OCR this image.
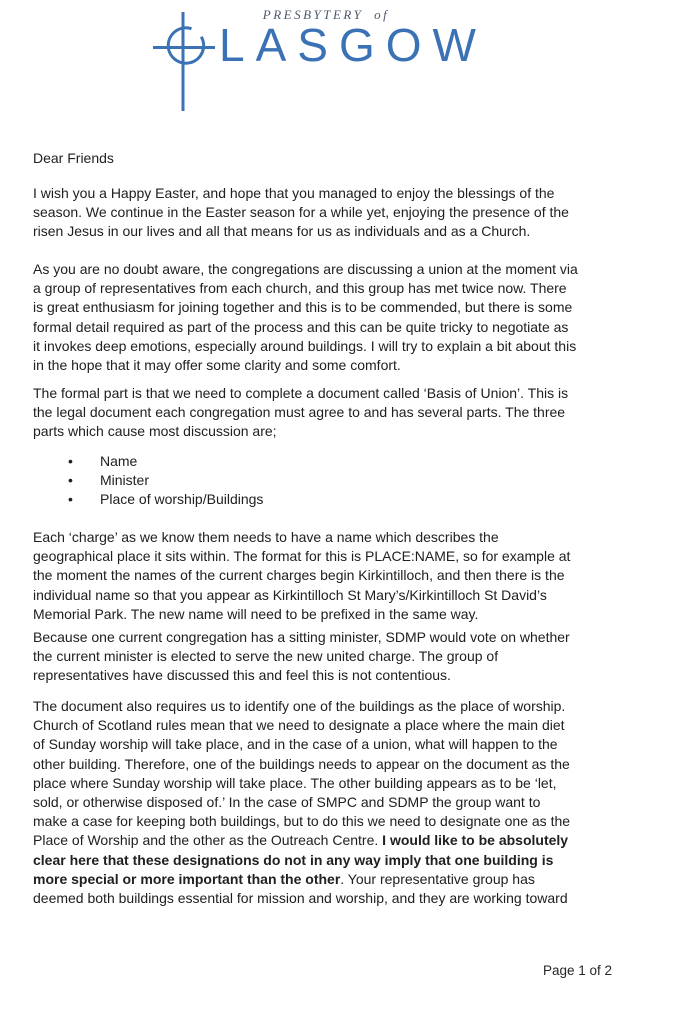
PRESBYTERY of
LASGOW
Dear Friends
I wish you a Happy Easter, and hope that you managed to enjoy the blessings of the
season. We continue in the Easter season for a while yet, enjoying the presence of the
risen Jesus in our lives and all that means for us as individuals and as a Church.
As you are no doubt aware, the congregations are discussing a union at the moment via
a group of representatives from each church, and this group has met twice now. There
is great enthusiasm for joining together and this is to be commended, but there is some
formal detail required as part of the process and this can be quite tricky to negotiate as
it invokes deep emotions, especially around buildings. I will try to explain a bit about this
in the hope that it may offer some clarity and some comfort.
The formal part is that we need to complete a document called ‘Basis of Union’. This is
the legal document each congregation must agree to and has several parts. The three
parts which cause most discussion are;
•	Name
•	Minister
•	Place of worship/Buildings
Each ‘charge’ as we know them needs to have a name which describes the
geographical place it sits within. The format for this is PLACE:NAME, so for example at
the moment the names of the current charges begin Kirkintilloch, and then there is the
individual name so that you appear as Kirkintilloch St Mary’s/Kirkintilloch St David’s
Memorial Park. The new name will need to be prefixed in the same way.
Because one current congregation has a sitting minister, SDMP would vote on whether
the current minister is elected to serve the new united charge. The group of
representatives have discussed this and feel this is not contentious.
The document also requires us to identify one of the buildings as the place of worship.
Church of Scotland rules mean that we need to designate a place where the main diet
of Sunday worship will take place, and in the case of a union, what will happen to the
other building. Therefore, one of the buildings needs to appear on the document as the
place where Sunday worship will take place. The other building appears as to be ‘let,
sold, or otherwise disposed of.’ In the case of SMPC and SDMP the group want to
make a case for keeping both buildings, but to do this we need to designate one as the
Place of Worship and the other as the Outreach Centre. I would like to be absolutely
clear here that these designations do not in any way imply that one building is
more special or more important than the other. Your representative group has
deemed both buildings essential for mission and worship, and they are working toward
Page 1 of 2
